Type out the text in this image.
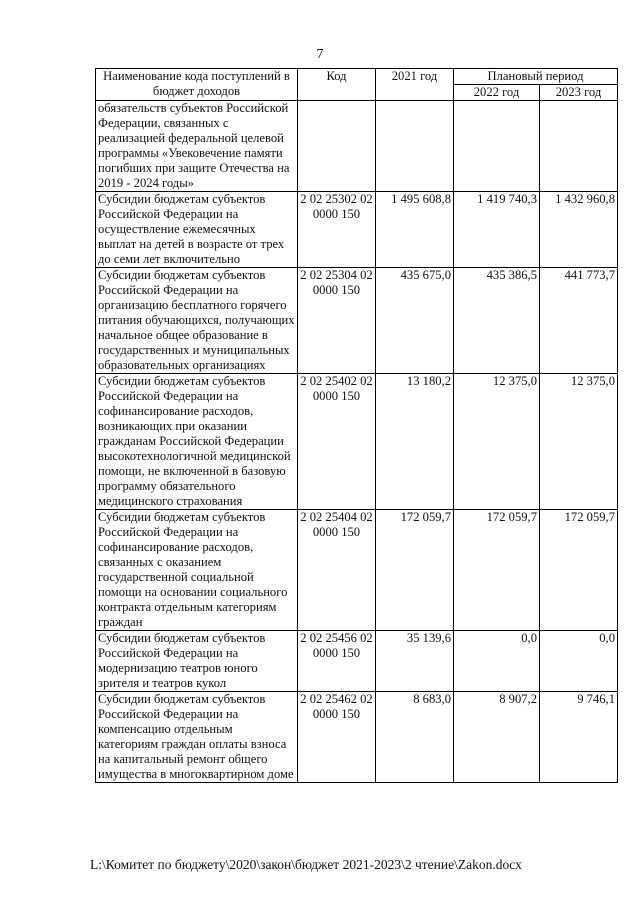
7
Наименование кода поступлений в бюджет доходов	Код	2021 год	Плановый период	
			2022 год	2023 год
обязательств субъектов Российской Федерации, связанных с реализацией федеральной целевой программы «Увековечение памяти погибших при защите Отечества на 2019 - 2024 годы»				
Субсидии бюджетам субъектов Российской Федерации на осуществление ежемесячных выплат на детей в возрасте от трех до семи лет включительно	2 02 25302 02 0000 150	1 495 608,8	1 419 740,3	1 432 960,8
Субсидии бюджетам субъектов Российской Федерации на организацию бесплатного горячего питания обучающихся, получающих начальное общее образование в государственных и муниципальных образовательных организациях	2 02 25304 02 0000 150	435 675,0	435 386,5	441 773,7
Субсидии бюджетам субъектов Российской Федерации на софинансирование расходов, возникающих при оказании гражданам Российской Федерации высокотехнологичной медицинской помощи, не включенной в базовую программу обязательного медицинского страхования	2 02 25402 02 0000 150	13 180,2	12 375,0	12 375,0
Субсидии бюджетам субъектов Российской Федерации на софинансирование расходов, связанных с оказанием государственной социальной помощи на основании социального контракта отдельным категориям граждан	2 02 25404 02 0000 150	172 059,7	172 059,7	172 059,7
Субсидии бюджетам субъектов Российской Федерации на модернизацию театров юного зрителя и театров кукол	2 02 25456 02 0000 150	35 139,6	0,0	0,0
Субсидии бюджетам субъектов Российской Федерации на компенсацию отдельным категориям граждан оплаты взноса на капитальный ремонт общего имущества в многоквартирном доме	2 02 25462 02 0000 150	8 683,0	8 907,2	9 746,1
L:\Комитет по бюджету\2020\закон\бюджет 2021-2023\2 чтение\Zakon.docx
